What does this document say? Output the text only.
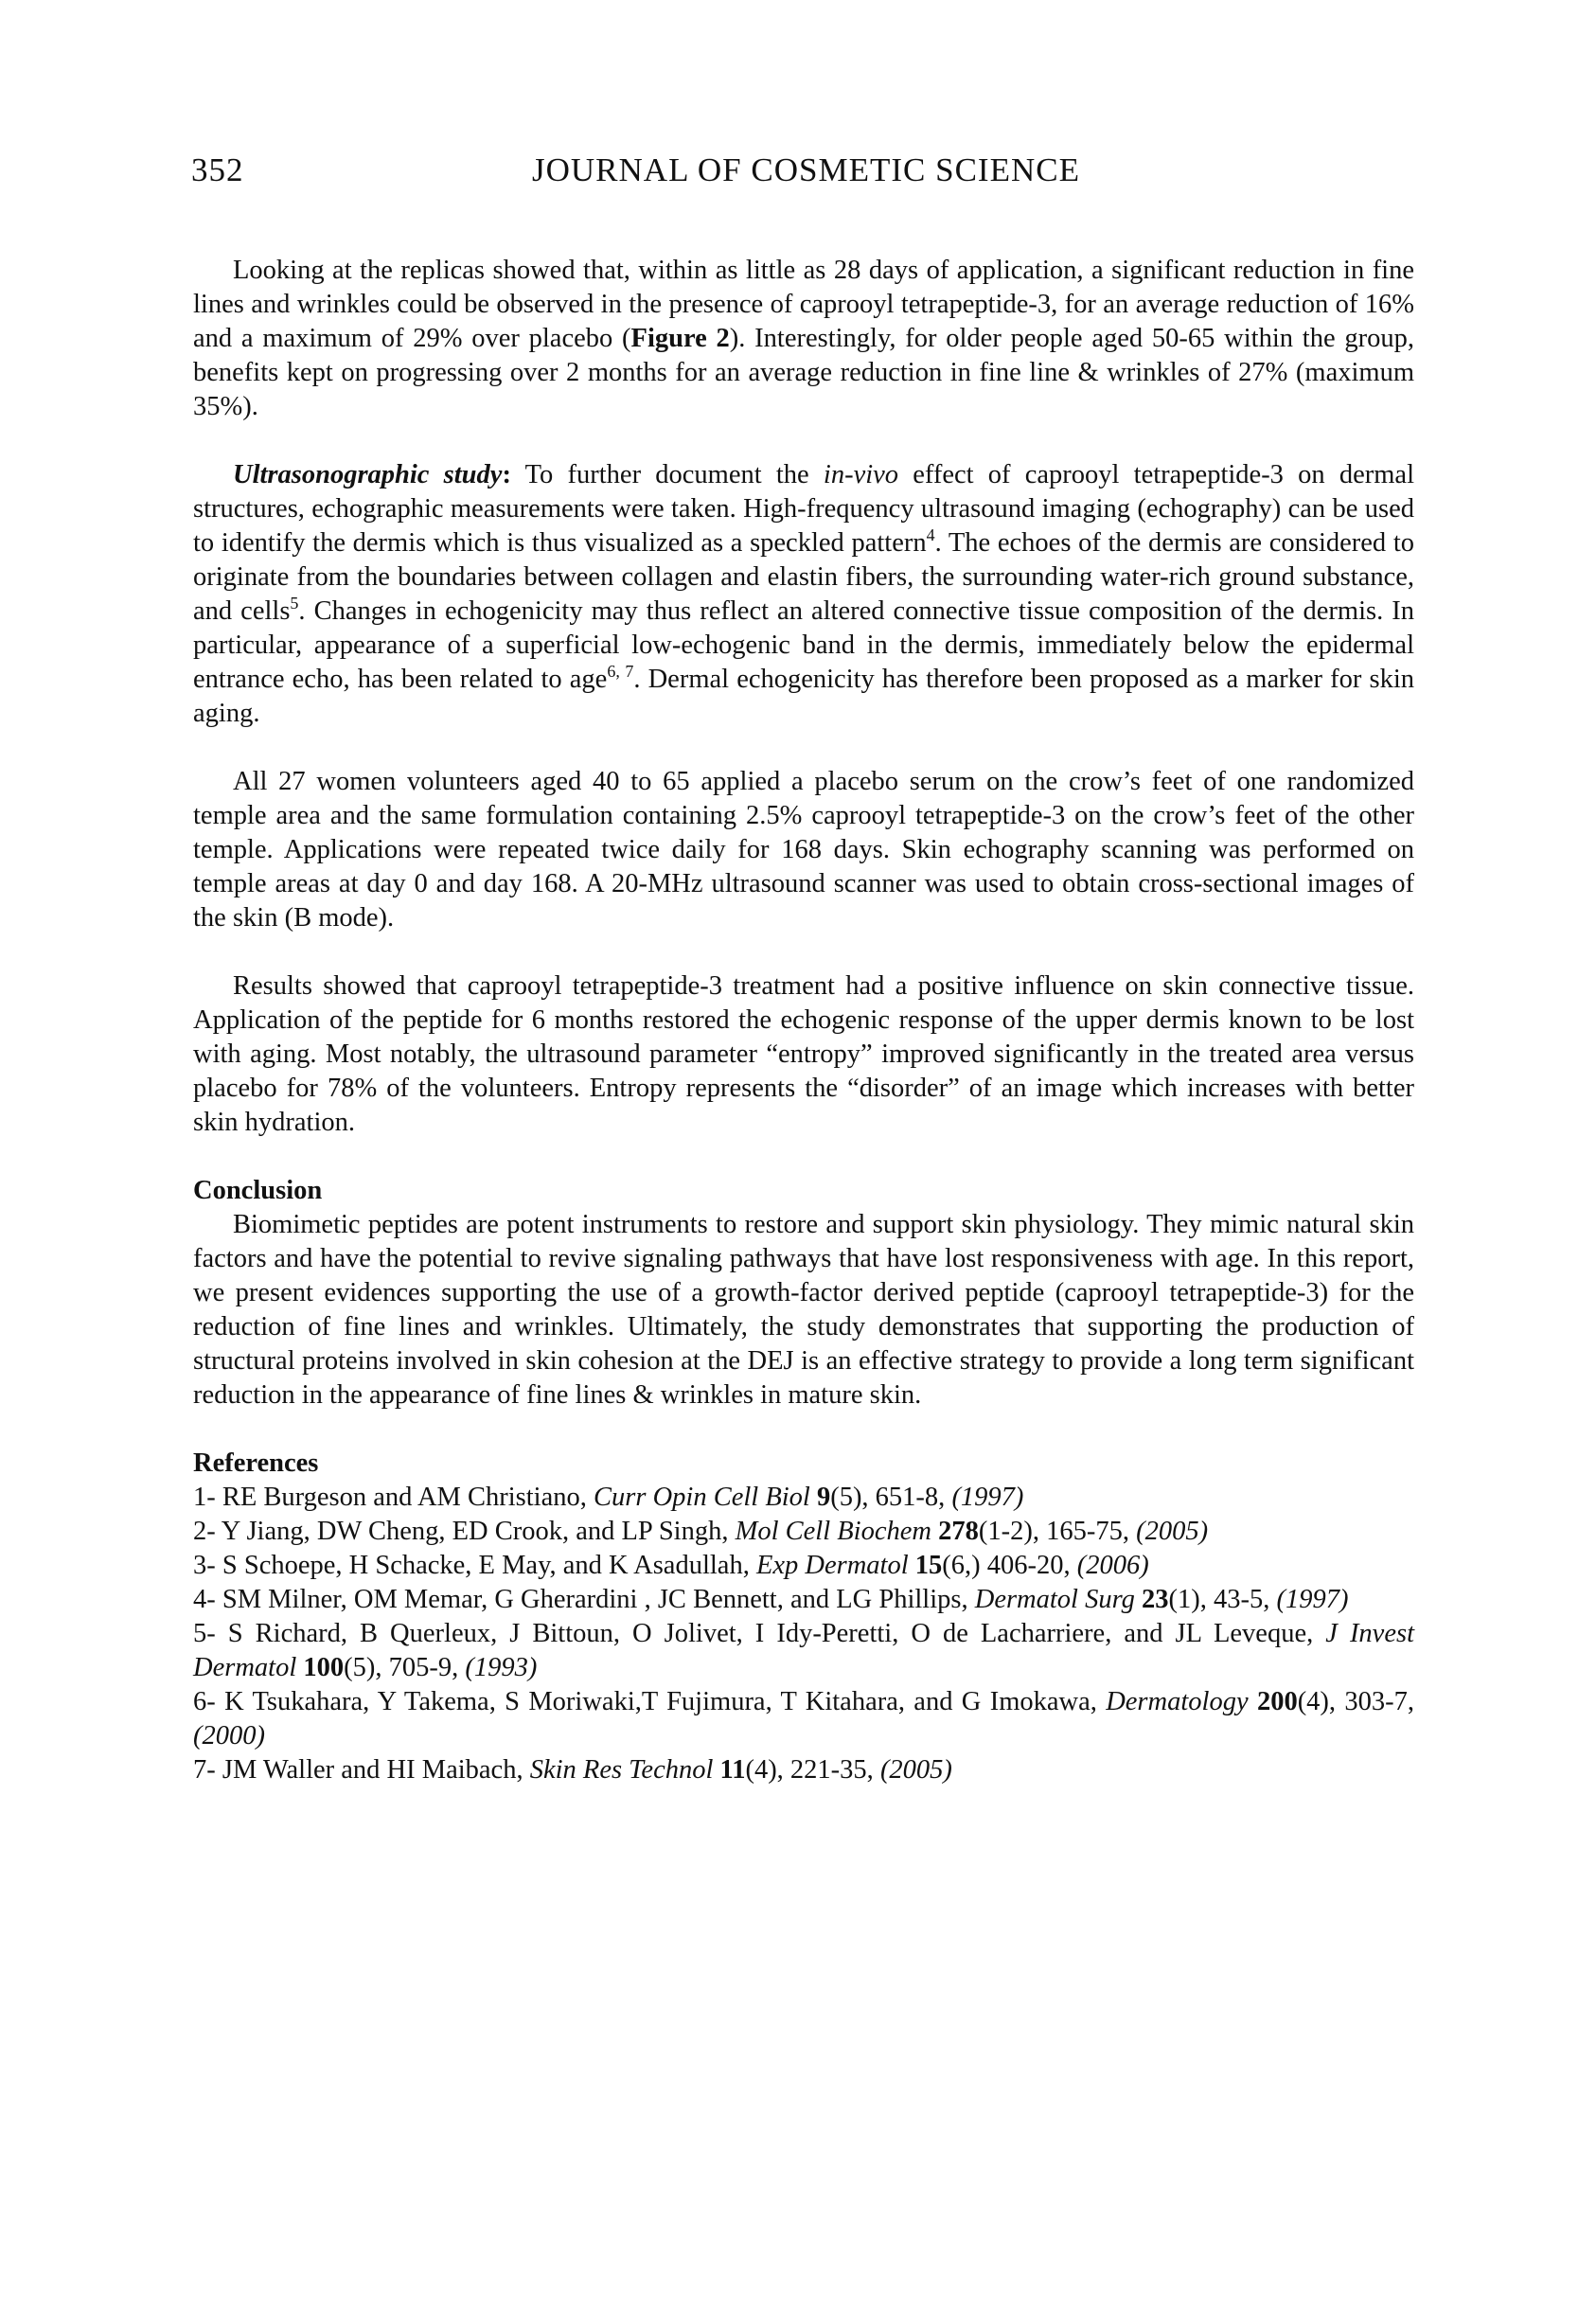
352	JOURNAL OF COSMETIC SCIENCE

Looking at the replicas showed that, within as little as 28 days of application, a significant reduction in fine lines and wrinkles could be observed in the presence of caprooyl tetrapeptide-3, for an average reduction of 16% and a maximum of 29% over placebo (Figure 2). Interestingly, for older people aged 50-65 within the group, benefits kept on progressing over 2 months for an average reduction in fine line & wrinkles of 27% (maximum 35%).

Ultrasonographic study: To further document the in-vivo effect of caprooyl tetrapeptide-3 on dermal structures, echographic measurements were taken. High-frequency ultrasound imaging (echography) can be used to identify the dermis which is thus visualized as a speckled pattern$^4$. The echoes of the dermis are considered to originate from the boundaries between collagen and elastin fibers, the surrounding water-rich ground substance, and cells$^5$. Changes in echogenicity may thus reflect an altered connective tissue composition of the dermis. In particular, appearance of a superficial low-echogenic band in the dermis, immediately below the epidermal entrance echo, has been related to age$^{6, 7}$. Dermal echogenicity has therefore been proposed as a marker for skin aging.

All 27 women volunteers aged 40 to 65 applied a placebo serum on the crow’s feet of one randomized temple area and the same formulation containing 2.5% caprooyl tetrapeptide-3 on the crow’s feet of the other temple. Applications were repeated twice daily for 168 days. Skin echography scanning was performed on temple areas at day 0 and day 168. A 20-MHz ultrasound scanner was used to obtain cross-sectional images of the skin (B mode).

Results showed that caprooyl tetrapeptide-3 treatment had a positive influence on skin connective tissue. Application of the peptide for 6 months restored the echogenic response of the upper dermis known to be lost with aging. Most notably, the ultrasound parameter “entropy” improved significantly in the treated area versus placebo for 78% of the volunteers. Entropy represents the “disorder” of an image which increases with better skin hydration.

Conclusion

Biomimetic peptides are potent instruments to restore and support skin physiology. They mimic natural skin factors and have the potential to revive signaling pathways that have lost responsiveness with age. In this report, we present evidences supporting the use of a growth-factor derived peptide (caprooyl tetrapeptide-3) for the reduction of fine lines and wrinkles. Ultimately, the study demonstrates that supporting the production of structural proteins involved in skin cohesion at the DEJ is an effective strategy to provide a long term significant reduction in the appearance of fine lines & wrinkles in mature skin.

References

1- RE Burgeson and AM Christiano, Curr Opin Cell Biol 9(5), 651-8, (1997)

2- Y Jiang, DW Cheng, ED Crook, and LP Singh, Mol Cell Biochem 278(1-2), 165-75, (2005)

3- S Schoepe, H Schacke, E May, and K Asadullah, Exp Dermatol 15(6,) 406-20, (2006)

4- SM Milner, OM Memar, G Gherardini , JC Bennett, and LG Phillips, Dermatol Surg 23(1), 43-5, (1997)

5- S Richard, B Querleux, J Bittoun, O Jolivet, I Idy-Peretti, O de Lacharriere, and JL Leveque, J Invest Dermatol 100(5), 705-9, (1993)

6- K Tsukahara, Y Takema, S Moriwaki,T Fujimura, T Kitahara, and G Imokawa, Dermatology 200(4), 303-7, (2000)

7- JM Waller and HI Maibach, Skin Res Technol 11(4), 221-35, (2005)
